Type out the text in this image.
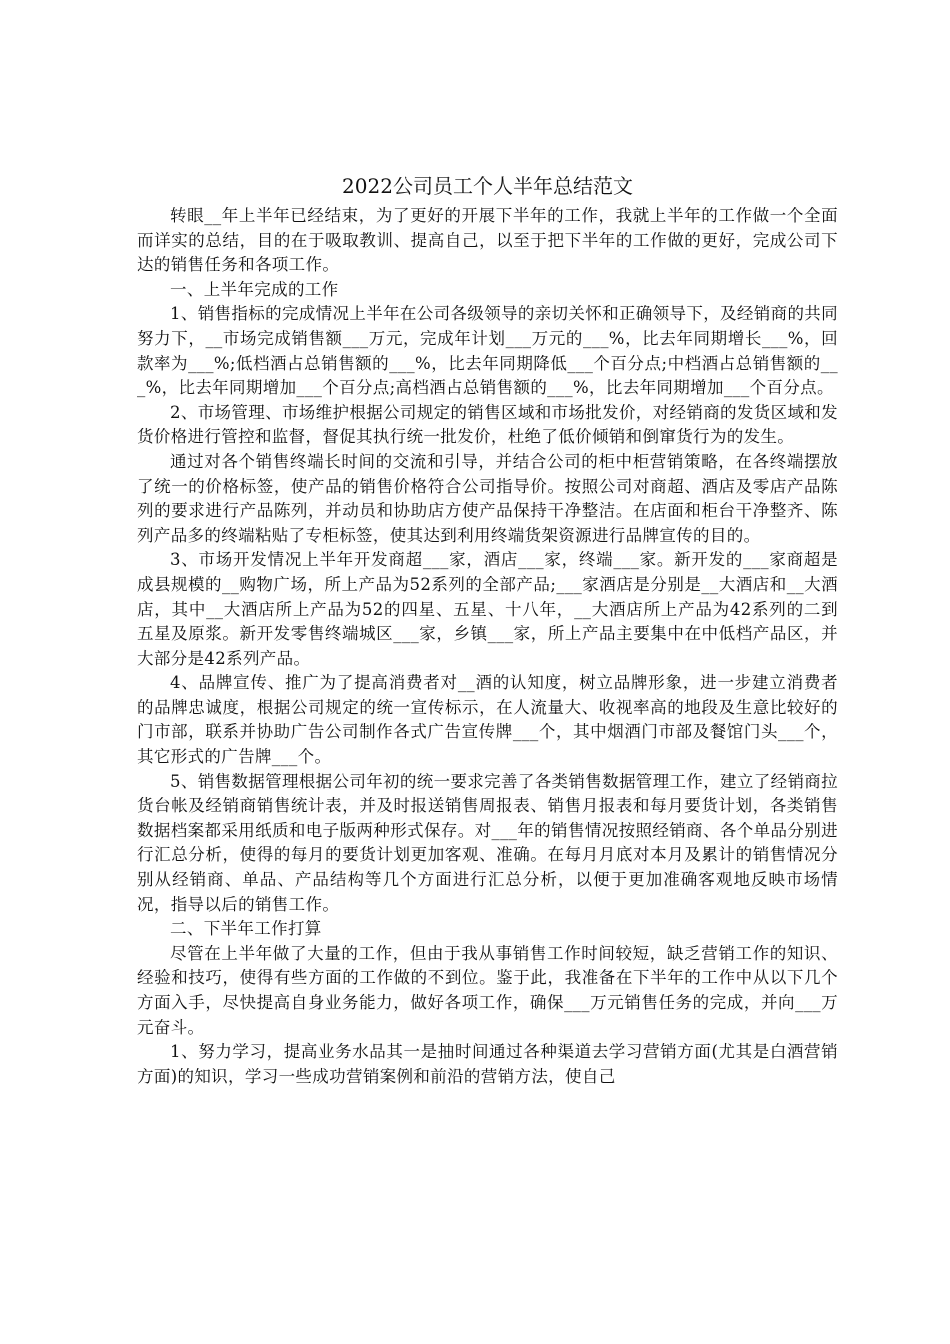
2022公司员工个人半年总结范文

转眼__年上半年已经结束，为了更好的开展下半年的工作，我就上半年的工作做一个全面而详实的总结，目的在于吸取教训、提高自己，以至于把下半年的工作做的更好，完成公司下达的销售任务和各项工作。

一、上半年完成的工作

1、销售指标的完成情况上半年在公司各级领导的亲切关怀和正确领导下，及经销商的共同努力下，__市场完成销售额___万元，完成年计划___万元的___%，比去年同期增长___%，回款率为___%;低档酒占总销售额的___%，比去年同期降低___个百分点;中档酒占总销售额的___%，比去年同期增加___个百分点;高档酒占总销售额的___%，比去年同期增加___个百分点。

2、市场管理、市场维护根据公司规定的销售区域和市场批发价，对经销商的发货区域和发货价格进行管控和监督，督促其执行统一批发价，杜绝了低价倾销和倒窜货行为的发生。

通过对各个销售终端长时间的交流和引导，并结合公司的柜中柜营销策略，在各终端摆放了统一的价格标签，使产品的销售价格符合公司指导价。按照公司对商超、酒店及零店产品陈列的要求进行产品陈列，并动员和协助店方使产品保持干净整洁。在店面和柜台干净整齐、陈列产品多的终端粘贴了专柜标签，使其达到利用终端货架资源进行品牌宣传的目的。

3、市场开发情况上半年开发商超___家，酒店___家，终端___家。新开发的___家商超是成县规模的__购物广场，所上产品为52系列的全部产品;___家酒店是分别是__大酒店和__大酒店，其中__大酒店所上产品为52的四星、五星、十八年，__大酒店所上产品为42系列的二到五星及原浆。新开发零售终端城区___家，乡镇___家，所上产品主要集中在中低档产品区，并大部分是42系列产品。

4、品牌宣传、推广为了提高消费者对__酒的认知度，树立品牌形象，进一步建立消费者的品牌忠诚度，根据公司规定的统一宣传标示，在人流量大、收视率高的地段及生意比较好的门市部，联系并协助广告公司制作各式广告宣传牌___个，其中烟酒门市部及餐馆门头___个，其它形式的广告牌___个。

5、销售数据管理根据公司年初的统一要求完善了各类销售数据管理工作，建立了经销商拉货台帐及经销商销售统计表，并及时报送销售周报表、销售月报表和每月要货计划，各类销售数据档案都采用纸质和电子版两种形式保存。对___年的销售情况按照经销商、各个单品分别进行汇总分析，使得的每月的要货计划更加客观、准确。在每月月底对本月及累计的销售情况分别从经销商、单品、产品结构等几个方面进行汇总分析，以便于更加准确客观地反映市场情况，指导以后的销售工作。

二、下半年工作打算

尽管在上半年做了大量的工作，但由于我从事销售工作时间较短，缺乏营销工作的知识、经验和技巧，使得有些方面的工作做的不到位。鉴于此，我准备在下半年的工作中从以下几个方面入手，尽快提高自身业务能力，做好各项工作，确保___万元销售任务的完成，并向___万元奋斗。

1、努力学习，提高业务水品其一是抽时间通过各种渠道去学习营销方面(尤其是白酒营销方面)的知识，学习一些成功营销案例和前沿的营销方法，使自己
